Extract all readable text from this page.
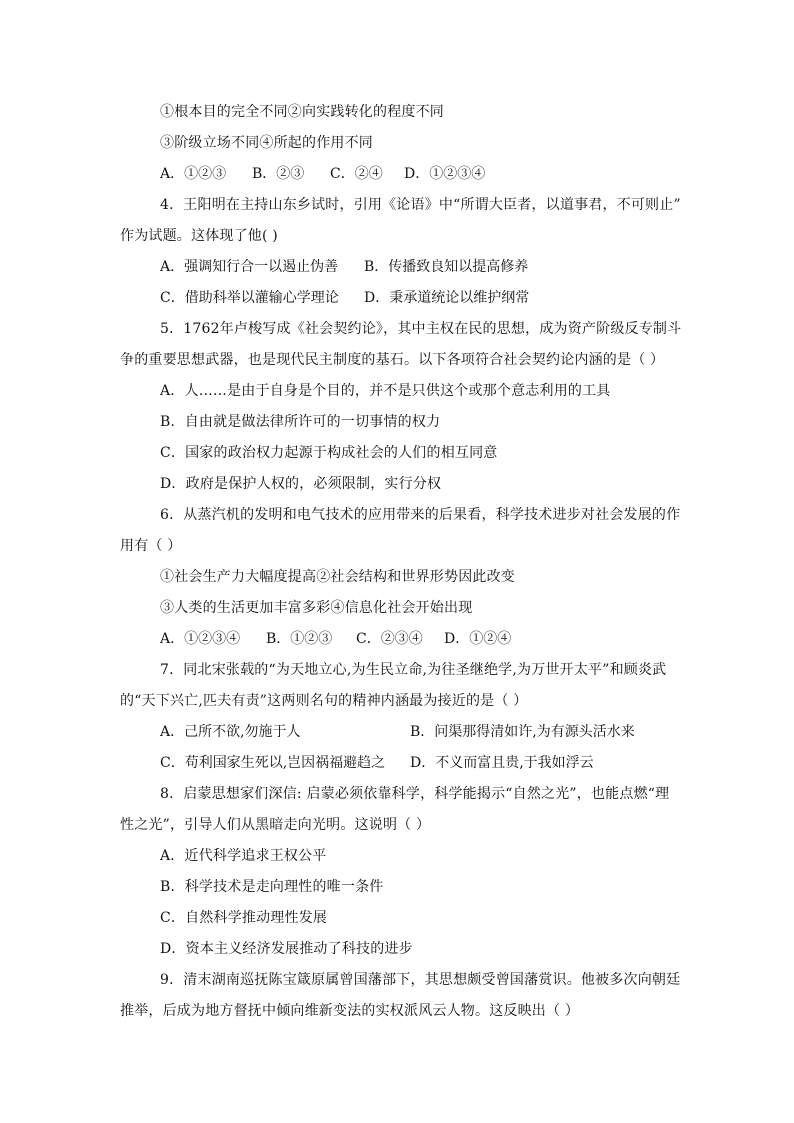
①根本目的完全不同②向实践转化的程度不同
③阶级立场不同④所起的作用不同
A．①②③ B．②③ C．②④ D．①②③④
4．王阳明在主持山东乡试时，引用《论语》中“所谓大臣者，以道事君，不可则止”
作为试题。这体现了他( )
A．强调知行合一以遏止伪善 B．传播致良知以提高修养
C．借助科举以灌输心学理论 D．秉承道统论以维护纲常
5．1762年卢梭写成《社会契约论》，其中主权在民的思想，成为资产阶级反专制斗
争的重要思想武器，也是现代民主制度的基石。以下各项符合社会契约论内涵的是（ ）
A．人……是由于自身是个目的，并不是只供这个或那个意志利用的工具
B．自由就是做法律所许可的一切事情的权力
C．国家的政治权力起源于构成社会的人们的相互同意
D．政府是保护人权的，必须限制，实行分权
6．从蒸汽机的发明和电气技术的应用带来的后果看，科学技术进步对社会发展的作
用有（ ）
①社会生产力大幅度提高②社会结构和世界形势因此改变
③人类的生活更加丰富多彩④信息化社会开始出现
A．①②③④ B．①②③ C．②③④ D．①②④
7．同北宋张载的“为天地立心,为生民立命,为往圣继绝学,为万世开太平”和顾炎武
的“天下兴亡,匹夫有责”这两则名句的精神内涵最为接近的是（ ）
A．己所不欲,勿施于人	B．问渠那得清如许,为有源头活水来
C．苟利国家生死以,岂因祸福避趋之 D．不义而富且贵,于我如浮云
8．启蒙思想家们深信: 启蒙必须依靠科学，科学能揭示“自然之光”，也能点燃“理
性之光”，引导人们从黑暗走向光明。这说明（ ）
A．近代科学追求王权公平
B．科学技术是走向理性的唯一条件
C．自然科学推动理性发展
D．资本主义经济发展推动了科技的进步
9．清末湖南巡抚陈宝箴原属曾国藩部下，其思想颇受曾国藩赏识。他被多次向朝廷
推举，后成为地方督抚中倾向维新变法的实权派风云人物。这反映出（ ）
